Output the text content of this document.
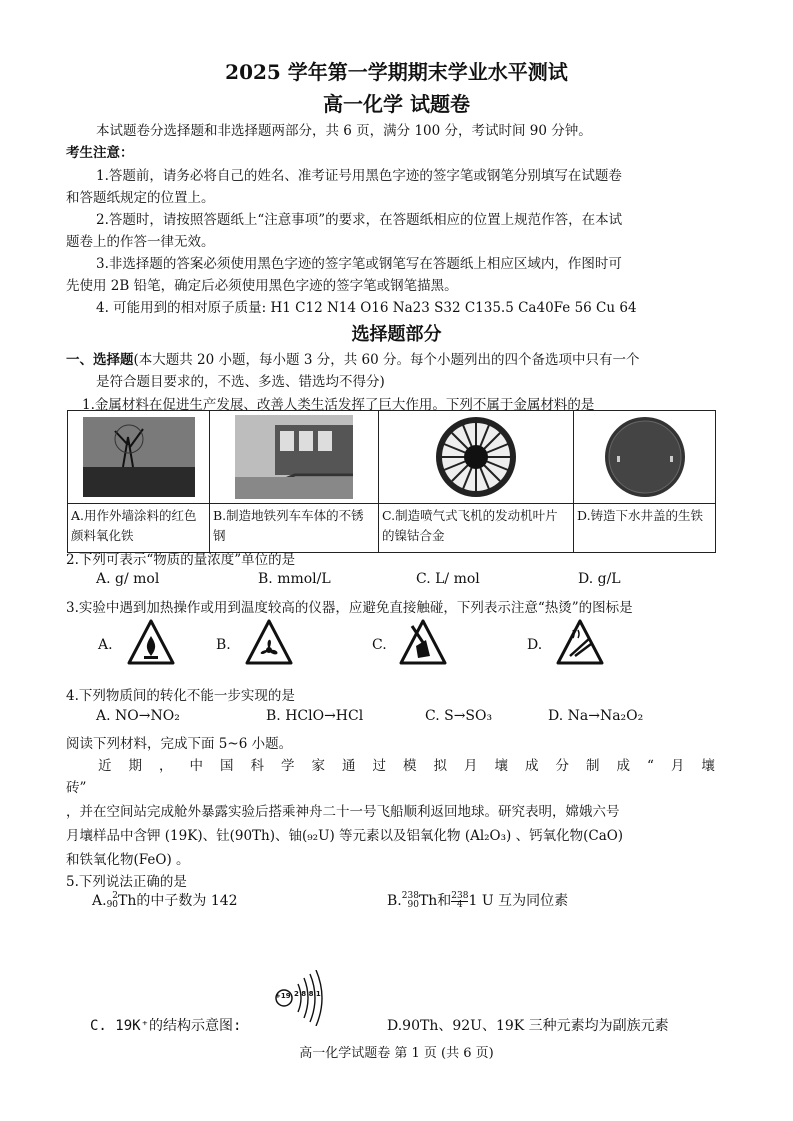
2025 学年第一学期期末学业水平测试
高一化学 试题卷
本试题卷分选择题和非选择题两部分，共 6 页，满分 100 分，考试时间 90 分钟。
考生注意：
1.答题前，请务必将自己的姓名、准考证号用黑色字迹的签字笔或钢笔分别填写在试题卷
和答题纸规定的位置上。
2.答题时，请按照答题纸上“注意事项”的要求，在答题纸相应的位置上规范作答，在本试
题卷上的作答一律无效。
3.非选择题的答案必须使用黑色字迹的签字笔或钢笔写在答题纸上相应区域内，作图时可
先使用 2B 铅笔，确定后必须使用黑色字迹的签字笔或钢笔描黑。
4. 可能用到的相对原子质量: H1 C12 N14 O16 Na23 S32 C135.5 Ca40Fe 56 Cu 64
选择题部分
一、选择题(本大题共 20 小题，每小题 3 分，共 60 分。每个小题列出的四个备选项中只有一个
是符合题目要求的，不选、多选、错选均不得分)
1.金属材料在促进生产发展、改善人类生活发挥了巨大作用。下列不属于金属材料的是

A.用作外墙涂料的红色颜料氧化铁	B.制造地铁列车车体的不锈钢	C.制造喷气式飞机的发动机叶片的镍钴合金	D.铸造下水井盖的生铁
2.下列可表示“物质的量浓度”单位的是
A. g/ mol	B. mmol/L	C. L/ mol	D. g/L
3.实验中遇到加热操作或用到温度较高的仪器，应避免直接触碰，下列表示注意“热烫”的图标是
A.	B.	C.	D.
4.下列物质间的转化不能一步实现的是
A. NO→NO₂	B. HClO→HCl	C. S→SO₃	D. Na→Na₂O₂
阅读下列材料，完成下面 5~6 小题。
近期，中国科学家通过模拟月壤成分制成“月壤
砖”
，并在空间站完成舱外暴露实验后搭乘神舟二十一号飞船顺利返回地球。研究表明，嫦娥六号
月壤样品中含钾 (19K)、钍(90Th)、铀(₉₂U) 等元素以及铝氧化物 (Al₂O₃) 、钙氧化物(CaO)
和铁氧化物(FeO) 。
5.下列说法正确的是
A. 2
90Th的中子数为 142	B.238
90Th和$\frac{238}{4}1$ U 互为同位素
C. 19K⁺的结构示意图:
+19 2 8 8 1
D.90Th、92U、19K 三种元素均为副族元素
高一化学试题卷 第 1 页 (共 6 页)
